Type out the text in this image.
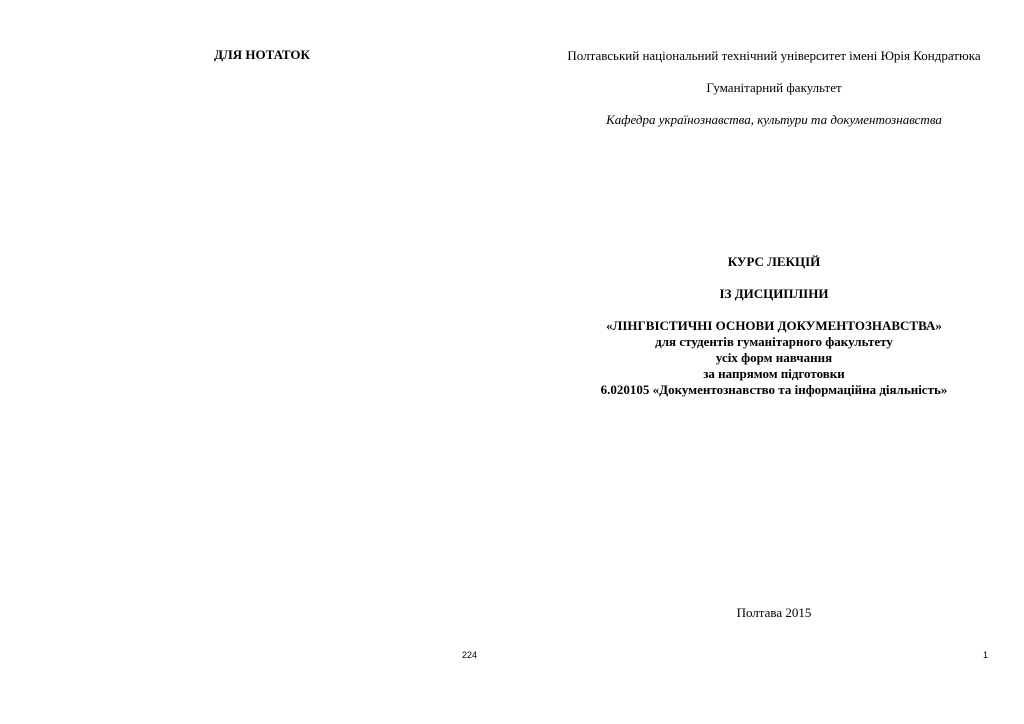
ДЛЯ НОТАТОК
224
Полтавський національний технічний університет імені Юрія Кондратюка
Гуманітарний факультет
Кафедра українознавства, культури та документознавства
КУРС ЛЕКЦІЙ
ІЗ ДИСЦИПЛІНИ
«ЛІНГВІСТИЧНІ ОСНОВИ ДОКУМЕНТОЗНАВСТВА»
для студентів гуманітарного факультету
усіх форм навчання
за напрямом підготовки
6.020105 «Документознавство та інформаційна діяльність»
Полтава 2015
1
